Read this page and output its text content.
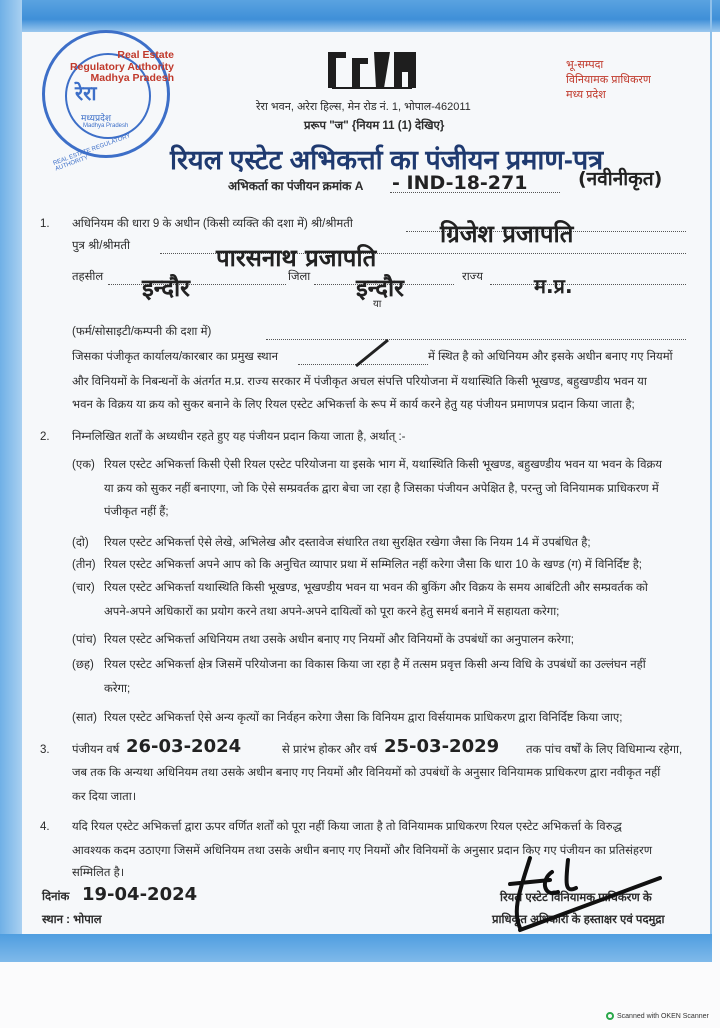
रेरा
मध्यप्रदेश
Madhya Pradesh
REAL ESTATE REGULATORY AUTHORITY
Real Estate
Regulatory Authority
Madhya Pradesh
भू-सम्पदा
विनियामक प्राधिकरण
मध्य प्रदेश
रेरा भवन, अरेरा हिल्स, मेन रोड नं. 1, भोपाल-462011
प्ररूप "ज" {नियम 11 (1) देखिए}
रियल एस्टेट अभिकर्त्ता का पंजीयन प्रमाण-पत्र
अभिकर्ता का पंजीयन क्रमांक A - IND-18-271	(नवीनीकृत)
1. अधिनियम की धारा 9 के अधीन (किसी व्यक्ति की दशा में) श्री/श्रीमती	ग्रिजेश प्रजापति
पुत्र श्री/श्रीमती	पारसनाथ प्रजापति
तहसील इन्दौर	जिला इन्दौर	राज्य	म.प्र.
या
(फर्म/सोसाइटी/कम्पनी की दशा में)
जिसका पंजीकृत कार्यालय/कारबार का प्रमुख स्थान	में स्थित है को अधिनियम और इसके अधीन बनाए गए नियमों
और विनियमों के निबन्धनों के अंतर्गत म.प्र. राज्य सरकार में पंजीकृत अचल संपत्ति परियोजना में यथास्थिति किसी भूखण्ड, बहुखण्डीय भवन या
भवन के विक्रय या क्रय को सुकर बनाने के लिए रियल एस्टेट अभिकर्त्ता के रूप में कार्य करने हेतु यह पंजीयन प्रमाणपत्र प्रदान किया जाता है;
2. निम्नलिखित शर्तों के अध्यधीन रहते हुए यह पंजीयन प्रदान किया जाता है, अर्थात् :-
(एक) रियल एस्टेट अभिकर्त्ता किसी ऐसी रियल एस्टेट परियोजना या इसके भाग में, यथास्थिति किसी भूखण्ड, बहुखण्डीय भवन या भवन के विक्रय
या क्रय को सुकर नहीं बनाएगा, जो कि ऐसे सम्प्रवर्तक द्वारा बेचा जा रहा है जिसका पंजीयन अपेक्षित है, परन्तु जो विनियामक प्राधिकरण में
पंजीकृत नहीं हैं;
(दो) रियल एस्टेट अभिकर्त्ता ऐसे लेखे, अभिलेख और दस्तावेज संधारित तथा सुरक्षित रखेगा जैसा कि नियम 14 में उपबंधित है;
(तीन) रियल एस्टेट अभिकर्त्ता अपने आप को कि अनुचित व्यापार प्रथा में सम्मिलित नहीं करेगा जैसा कि धारा 10 के खण्ड (ग) में विनिर्दिष्ट है;
(चार) रियल एस्टेट अभिकर्त्ता यथास्थिति किसी भूखण्ड, भूखण्डीय भवन या भवन की बुकिंग और विक्रय के समय आबंटिती और सम्प्रवर्तक को
अपने-अपने अधिकारों का प्रयोग करने तथा अपने-अपने दायित्वों को पूरा करने हेतु समर्थ बनाने में सहायता करेगा;
(पांच) रियल एस्टेट अभिकर्त्ता अधिनियम तथा उसके अधीन बनाए गए नियमों और विनियमों के उपबंधों का अनुपालन करेगा;
(छह) रियल एस्टेट अभिकर्त्ता क्षेत्र जिसमें परियोजना का विकास किया जा रहा है में तत्सम प्रवृत्त किसी अन्य विधि के उपबंधों का उल्लंघन नहीं
करेगा;
(सात) रियल एस्टेट अभिकर्त्ता ऐसे अन्य कृत्यों का निर्वहन करेगा जैसा कि विनियम द्वारा विर्सयामक प्राधिकरण द्वारा विनिर्दिष्ट किया जाए;
3. पंजीयन वर्ष 26-03-2024	से प्रारंभ होकर और वर्ष 25-03-2029 तक पांच वर्षों के लिए विधिमान्य रहेगा,
जब तक कि अन्यथा अधिनियम तथा उसके अधीन बनाए गए नियमों और विनियमों को उपबंधों के अनुसार विनियामक प्राधिकरण द्वारा नवीकृत नहीं
कर दिया जाता।
4. यदि रियल एस्टेट अभिकर्त्ता द्वारा ऊपर वर्णित शर्तों को पूरा नहीं किया जाता है तो विनियामक प्राधिकरण रियल एस्टेट अभिकर्त्ता के विरुद्ध
आवश्यक कदम उठाएगा जिसमें अधिनियम तथा उसके अधीन बनाए गए नियमों और विनियमों के अनुसार प्रदान किए गए पंजीयन का प्रतिसंहरण
सम्मिलित है।
दिनांक 19-04-2024
स्थान : भोपाल
रियल एस्टेट विनियामक प्राधिकरण के
प्राधिकृत अधिकारी के हस्ताक्षर एवं पदमुद्रा
Scanned with OKEN Scanner
